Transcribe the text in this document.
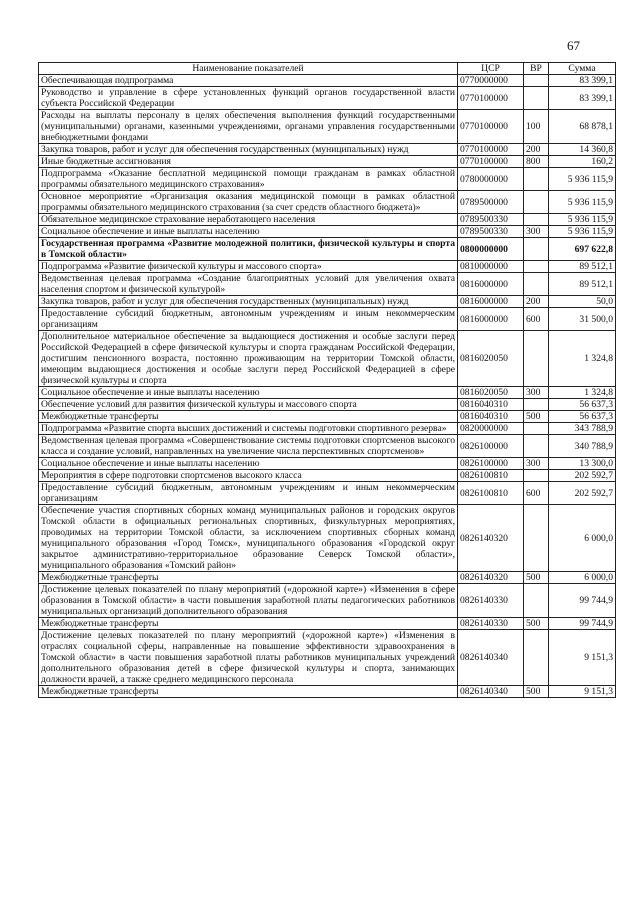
67
Наименование показателей	ЦСР	ВР	Сумма
Обеспечивающая подпрограмма	0770000000		83 399,1
Руководство и управление в сфере установленных функций органов государственной власти субъекта Российской Федерации	0770100000		83 399,1
Расходы на выплаты персоналу в целях обеспечения выполнения функций государственными (муниципальными) органами, казенными учреждениями, органами управления государственными внебюджетными фондами	0770100000	100	68 878,1
Закупка товаров, работ и услуг для обеспечения государственных (муниципальных) нужд	0770100000	200	14 360,8
Иные бюджетные ассигнования	0770100000	800	160,2
Подпрограмма «Оказание бесплатной медицинской помощи гражданам в рамках областной программы обязательного медицинского страхования»	0780000000		5 936 115,9
Основное мероприятие «Организация оказания медицинской помощи в рамках областной программы обязательного медицинского страхования (за счет средств областного бюджета)»	0789500000		5 936 115,9
Обязательное медицинское страхование неработающего населения	0789500330		5 936 115,9
Социальное обеспечение и иные выплаты населению	0789500330	300	5 936 115,9
Государственная программа «Развитие молодежной политики, физической культуры и спорта в Томской области»	0800000000		697 622,8
Подпрограмма «Развитие физической культуры и массового спорта»	0810000000		89 512,1
Ведомственная целевая программа «Создание благоприятных условий для увеличения охвата населения спортом и физической культурой»	0816000000		89 512,1
Закупка товаров, работ и услуг для обеспечения государственных (муниципальных) нужд	0816000000	200	50,0
Предоставление субсидий бюджетным, автономным учреждениям и иным некоммерческим организациям	0816000000	600	31 500,0
Дополнительное материальное обеспечение за выдающиеся достижения и особые заслуги перед Российской Федерацией в сфере физической культуры и спорта гражданам Российской Федерации, достигшим пенсионного возраста, постоянно проживающим на территории Томской области, имеющим выдающиеся достижения и особые заслуги перед Российской Федерацией в сфере физической культуры и спорта	0816020050		1 324,8
Социальное обеспечение и иные выплаты населению	0816020050	300	1 324,8
Обеспечение условий для развития физической культуры и массового спорта	0816040310		56 637,3
Межбюджетные трансферты	0816040310	500	56 637,3
Подпрограмма «Развитие спорта высших достижений и системы подготовки спортивного резерва»	0820000000		343 788,9
Ведомственная целевая программа «Совершенствование системы подготовки спортсменов высокого класса и создание условий, направленных на увеличение числа перспективных спортсменов»	0826100000		340 788,9
Социальное обеспечение и иные выплаты населению	0826100000	300	13 300,0
Мероприятия в сфере подготовки спортсменов высокого класса	0826100810		202 592,7
Предоставление субсидий бюджетным, автономным учреждениям и иным некоммерческим организациям	0826100810	600	202 592,7
Обеспечение участия спортивных сборных команд муниципальных районов и городских округов Томской области в официальных региональных спортивных, физкультурных мероприятиях, проводимых на территории Томской области, за исключением спортивных сборных команд муниципального образования «Город Томск», муниципального образования «Городской округ закрытое административно-территориальное образование Северск Томской области», муниципального образования «Томский район»	0826140320		6 000,0
Межбюджетные трансферты	0826140320	500	6 000,0
Достижение целевых показателей по плану мероприятий («дорожной карте») «Изменения в сфере образования в Томской области» в части повышения заработной платы педагогических работников муниципальных организаций дополнительного образования	0826140330		99 744,9
Межбюджетные трансферты	0826140330	500	99 744,9
Достижение целевых показателей по плану мероприятий («дорожной карте») «Изменения в отраслях социальной сферы, направленные на повышение эффективности здравоохранения в Томской области» в части повышения заработной платы работников муниципальных учреждений дополнительного образования детей в сфере физической культуры и спорта, занимающих должности врачей, а также среднего медицинского персонала	0826140340		9 151,3
Межбюджетные трансферты	0826140340	500	9 151,3
